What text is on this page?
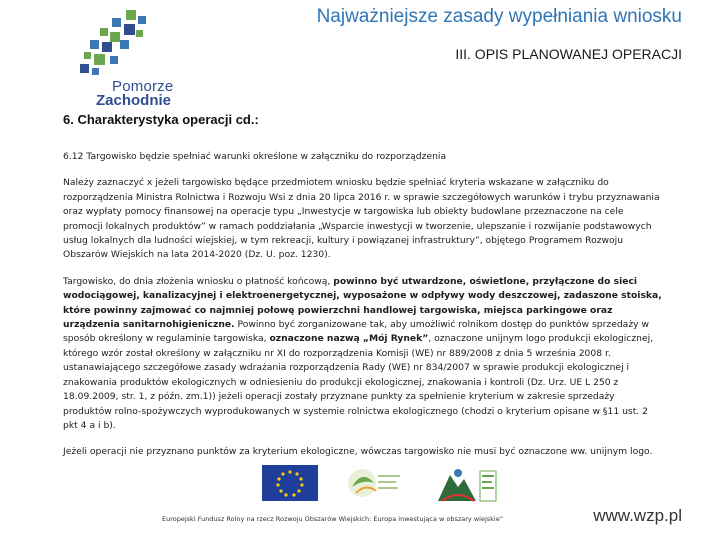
Pomorze
Zachodnie
Najważniejsze zasady wypełniania wniosku
III. OPIS PLANOWANEJ OPERACJI
6. Charakterystyka operacji cd.:

6.12 Targowisko będzie spełniać warunki określone w załączniku do rozporządzenia

Należy zaznaczyć x jeżeli targowisko będące przedmiotem wniosku będzie spełniać kryteria wskazane w załączniku do rozporządzenia Ministra Rolnictwa i Rozwoju Wsi z dnia 20 lipca 2016 r. w sprawie szczegółowych warunków i trybu przyznawania oraz wypłaty pomocy finansowej na operacje typu „Inwestycje w targowiska lub obiekty budowlane przeznaczone na cele promocji lokalnych produktów” w ramach poddziałania „Wsparcie inwestycji w tworzenie, ulepszanie i rozwijanie podstawowych usług lokalnych dla ludności wiejskiej, w tym rekreacji, kultury i powiązanej infrastruktury”, objętego Programem Rozwoju Obszarów Wiejskich na lata 2014-2020 (Dz. U. poz. 1230).

Targowisko, do dnia złożenia wniosku o płatność końcową, powinno być utwardzone, oświetlone, przyłączone do sieci wodociągowej, kanalizacyjnej i elektroenergetycznej, wyposażone w odpływy wody deszczowej, zadaszone stoiska, które powinny zajmować co najmniej połowę powierzchni handlowej targowiska, miejsca parkingowe oraz urządzenia sanitarnohigieniczne. Powinno być zorganizowane tak, aby umożliwić rolnikom dostęp do punktów sprzedaży w sposób określony w regulaminie targowiska, oznaczone nazwą „Mój Rynek”, oznaczone unijnym logo produkcji ekologicznej, którego wzór został określony w załączniku nr XI do rozporządzenia Komisji (WE) nr 889/2008 z dnia 5 września 2008 r. ustanawiającego szczegółowe zasady wdrażania rozporządzenia Rady (WE) nr 834/2007 w sprawie produkcji ekologicznej i znakowania produktów ekologicznych w odniesieniu do produkcji ekologicznej, znakowania i kontroli (Dz. Urz. UE L 250 z 18.09.2009, str. 1, z późn. zm.1)) jeżeli operacji zostały przyznane punkty za spełnienie kryterium w zakresie sprzedaży produktów rolno-spożywczych wyprodukowanych w systemie rolnictwa ekologicznego (chodzi o kryterium opisane w §11 ust. 2 pkt 4 a i b).

Jeżeli operacji nie przyznano punktów za kryterium ekologiczne, wówczas targowisko nie musi być oznaczone ww. unijnym logo.

Europejski Fundusz Rolny na rzecz Rozwoju Obszarów Wiejskich: Europa inwestująca w obszary wiejskie”	www.wzp.pl
